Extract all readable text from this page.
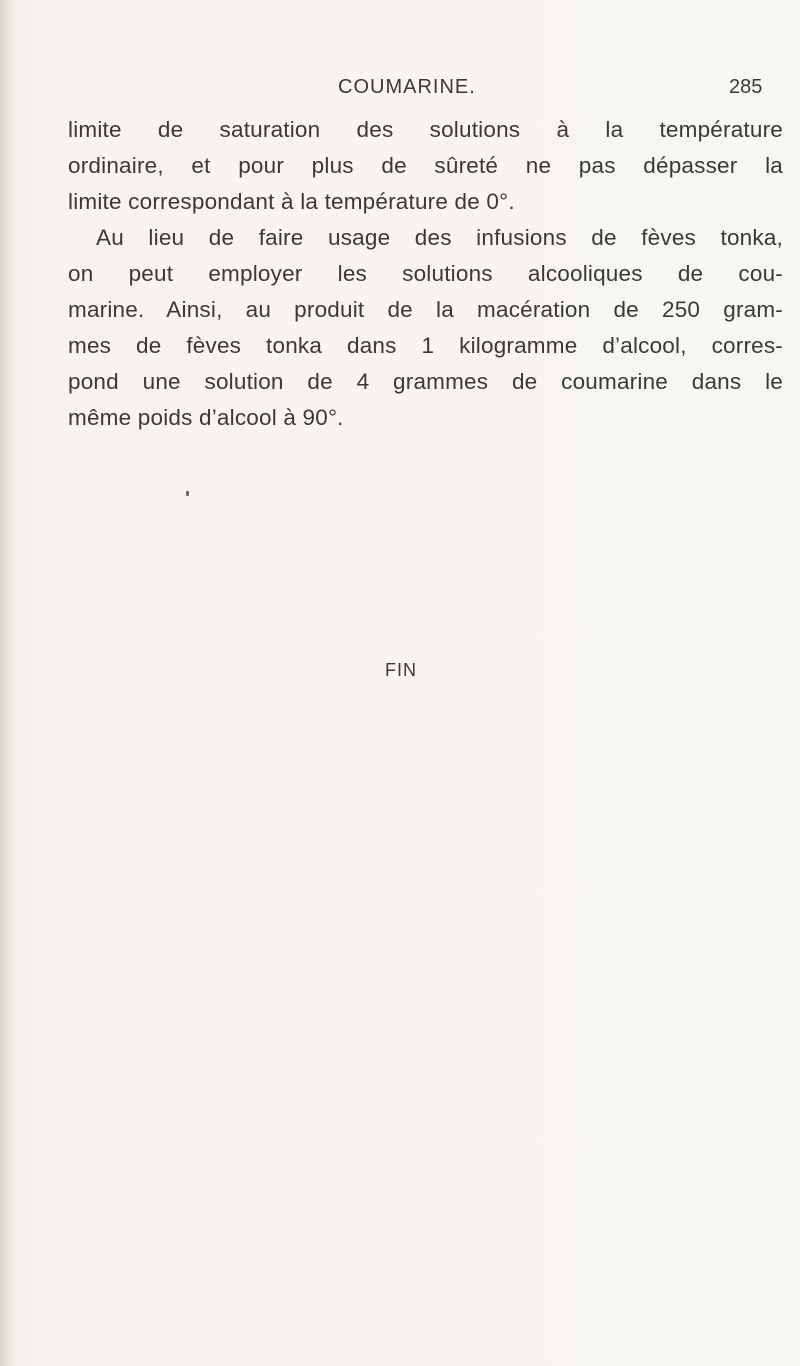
COUMARINE.	285
limite de saturation des solutions à la température
ordinaire, et pour plus de sûreté ne pas dépasser la
limite correspondant à la température de 0°.
Au lieu de faire usage des infusions de fèves tonka,
on peut employer les solutions alcooliques de cou-
marine. Ainsi, au produit de la macération de 250 gram-
mes de fèves tonka dans 1 kilogramme d’alcool, corres-
pond une solution de 4 grammes de coumarine dans le
même poids d’alcool à 90°.
FIN
